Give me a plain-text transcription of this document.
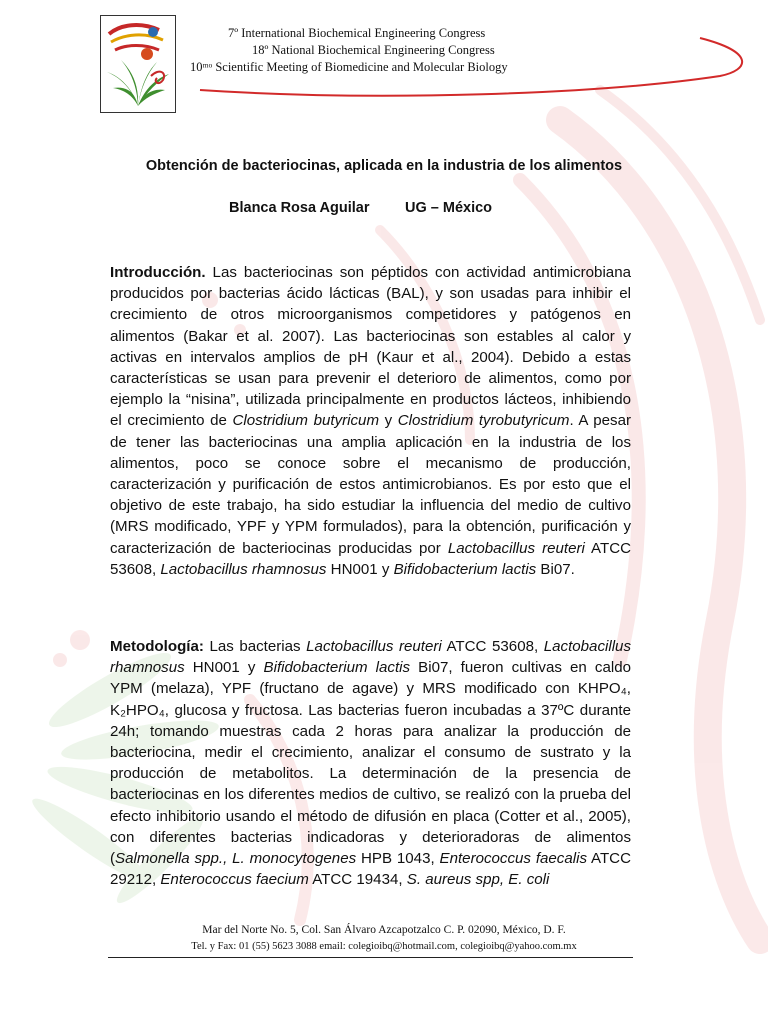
7º International Biochemical Engineering Congress
18º National Biochemical Engineering Congress
10ᵐᵒ Scientific Meeting of Biomedicine and Molecular Biology
Obtención de bacteriocinas, aplicada en la industria de los alimentos
Blanca Rosa Aguilar UG – México
Introducción. Las bacteriocinas son péptidos con actividad antimicrobiana producidos por bacterias ácido lácticas (BAL), y son usadas para inhibir el crecimiento de otros microorganismos competidores y patógenos en alimentos (Bakar et al. 2007). Las bacteriocinas son estables al calor y activas en intervalos amplios de pH (Kaur et al., 2004). Debido a estas características se usan para prevenir el deterioro de alimentos, como por ejemplo la “nisina”, utilizada principalmente en productos lácteos, inhibiendo el crecimiento de Clostridium butyricum y Clostridium tyrobutyricum. A pesar de tener las bacteriocinas una amplia aplicación en la industria de los alimentos, poco se conoce sobre el mecanismo de producción, caracterización y purificación de estos antimicrobianos. Es por esto que el objetivo de este trabajo, ha sido estudiar la influencia del medio de cultivo (MRS modificado, YPF y YPM formulados), para la obtención, purificación y caracterización de bacteriocinas producidas por Lactobacillus reuteri ATCC 53608, Lactobacillus rhamnosus HN001 y Bifidobacterium lactis Bi07.
Metodología: Las bacterias Lactobacillus reuteri ATCC 53608, Lactobacillus rhamnosus HN001 y Bifidobacterium lactis Bi07, fueron cultivas en caldo YPM (melaza), YPF (fructano de agave) y MRS modificado con KHPO₄, K₂HPO₄, glucosa y fructosa. Las bacterias fueron incubadas a 37ºC durante 24h; tomando muestras cada 2 horas para analizar la producción de bacteriocina, medir el crecimiento, analizar el consumo de sustrato y la producción de metabolitos. La determinación de la presencia de bacteriocinas en los diferentes medios de cultivo, se realizó con la prueba del efecto inhibitorio usando el método de difusión en placa (Cotter et al., 2005), con diferentes bacterias indicadoras y deterioradoras de alimentos (Salmonella spp., L. monocytogenes HPB 1043, Enterococcus faecalis ATCC 29212, Enterococcus faecium ATCC 19434, S. aureus spp, E. coli
Mar del Norte No. 5, Col. San Álvaro Azcapotzalco C. P. 02090, México, D. F.
Tel. y Fax: 01 (55) 5623 3088 email: colegioibq@hotmail.com, colegioibq@yahoo.com.mx
